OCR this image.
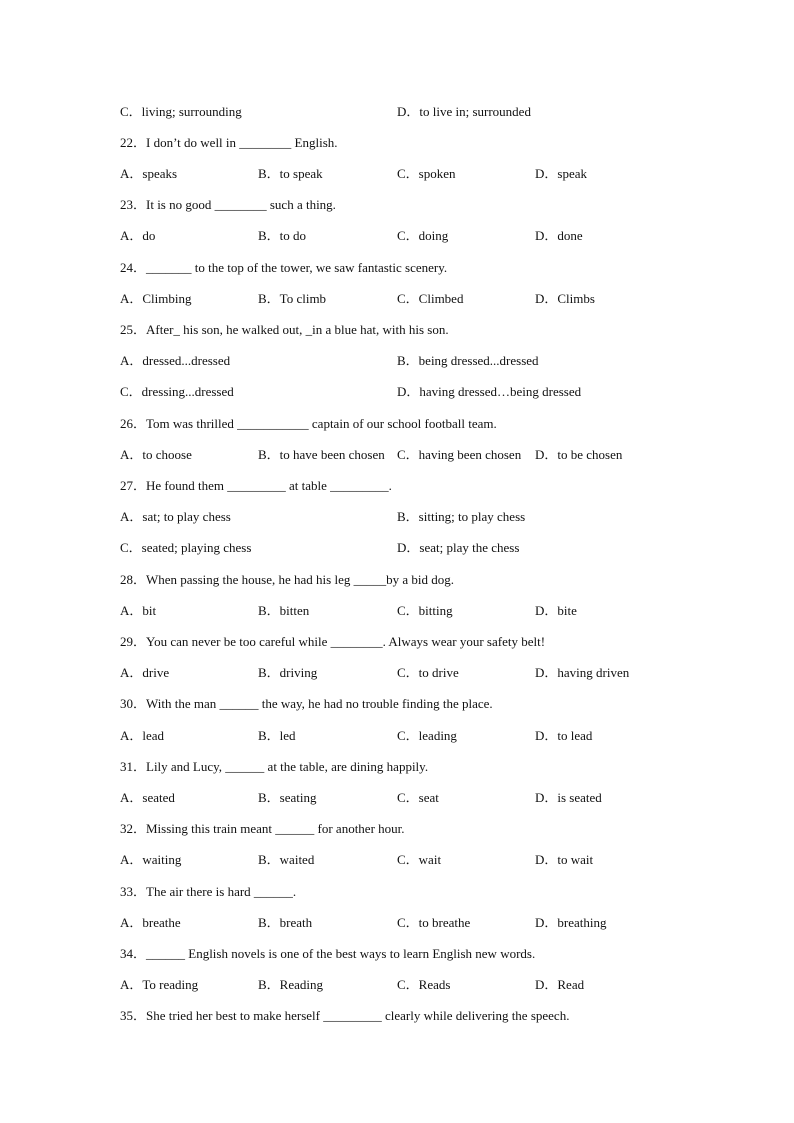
C．living; surrounding	D．to live in; surrounded
22．I don’t do well in ________ English.
A．speaks	B．to speak	C．spoken	D．speak
23．It is no good ________ such a thing.
A．do	B．to do	C．doing	D．done
24．_______ to the top of the tower, we saw fantastic scenery.
A．Climbing	B．To climb	C．Climbed	D．Climbs
25．After_ his son, he walked out, _in a blue hat, with his son.
A．dressed...dressed	B．being dressed...dressed
C．dressing...dressed	D．having dressed…being dressed
26．Tom was thrilled ___________ captain of our school football team.
A．to choose	B．to have been chosen C．having been chosen D．to be chosen
27．He found them _________ at table _________.
A．sat; to play chess	B．sitting; to play chess
C．seated; playing chess	D．seat; play the chess
28．When passing the house, he had his leg _____by a bid dog.
A．bit	B．bitten	C．bitting	D．bite
29．You can never be too careful while ________. Always wear your safety belt!
A．drive	B．driving	C．to drive	D．having driven
30．With the man ______ the way, he had no trouble finding the place.
A．lead	B．led	C．leading	D．to lead
31．Lily and Lucy, ______ at the table, are dining happily.
A．seated	B．seating	C．seat	D．is seated
32．Missing this train meant ______ for another hour.
A．waiting	B．waited	C．wait	D．to wait
33．The air there is hard ______.
A．breathe	B．breath	C．to breathe	D．breathing
34．______ English novels is one of the best ways to learn English new words.
A．To reading	B．Reading	C．Reads	D．Read
35．She tried her best to make herself _________ clearly while delivering the speech.
